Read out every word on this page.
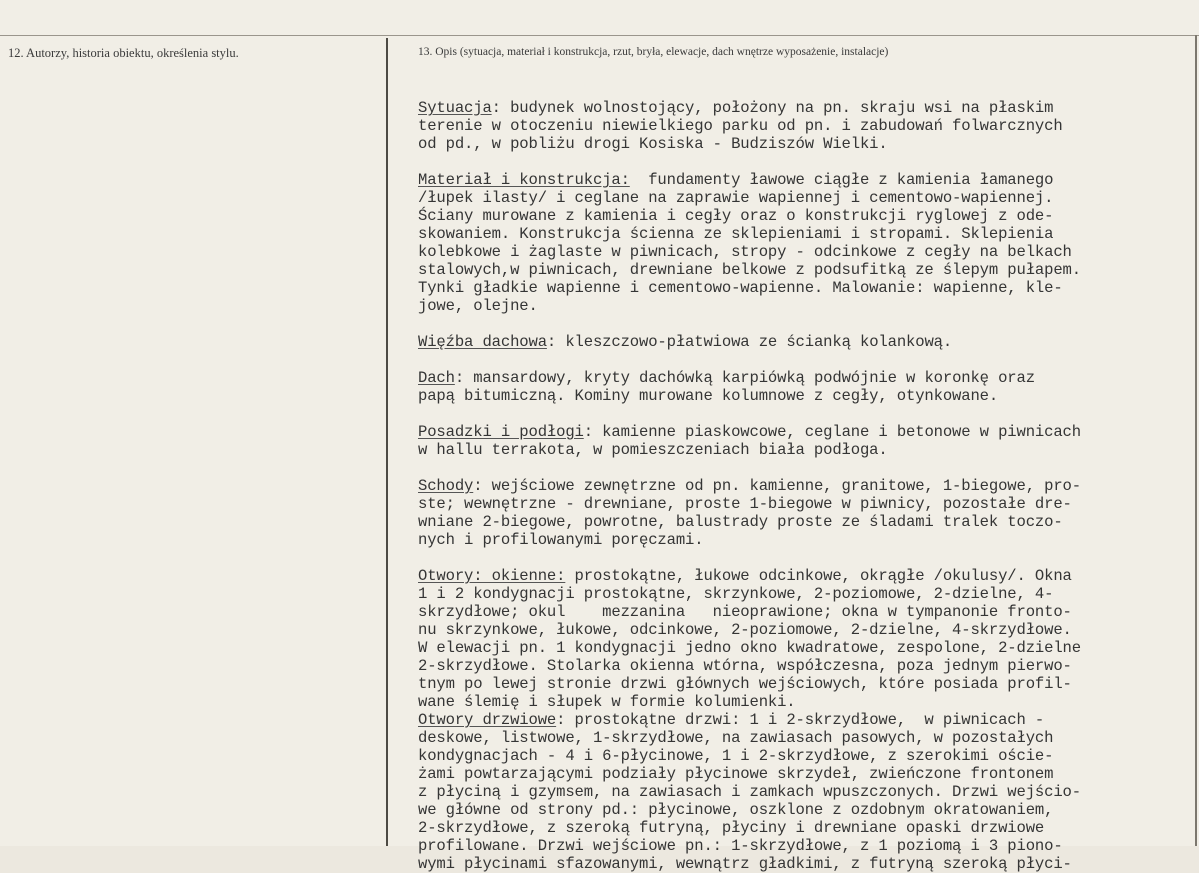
12. Autorzy, historia obiektu, określenia stylu.	13. Opis (sytuacja, materiał i konstrukcja, rzut, bryła, elewacje, dach wnętrze wyposażenie, instalacje)
Sytuacja: budynek wolnostojący, położony na pn. skraju wsi na płaskim
terenie w otoczeniu niewielkiego parku od pn. i zabudowań folwarcznych
od pd., w pobliżu drogi Kosiska - Budziszów Wielki.
Materiał i konstrukcja:  fundamenty ławowe ciągłe z kamienia łamanego
/łupek ilasty/ i ceglane na zaprawie wapiennej i cementowo-wapiennej.
Ściany murowane z kamienia i cegły oraz o konstrukcji ryglowej z ode-
skowaniem. Konstrukcja ścienna ze sklepieniami i stropami. Sklepienia
kolebkowe i żaglaste w piwnicach, stropy - odcinkowe z cegły na belkach
stalowych,w piwnicach, drewniane belkowe z podsufitką ze ślepym pułapem.
Tynki gładkie wapienne i cementowo-wapienne. Malowanie: wapienne, kle-
jowe, olejne.
Więźba dachowa: kleszczowo-płatwiowa ze ścianką kolankową.
Dach: mansardowy, kryty dachówką karpiówką podwójnie w koronkę oraz
papą bitumiczną. Kominy murowane kolumnowe z cegły, otynkowane.
Posadzki i podłogi: kamienne piaskowcowe, ceglane i betonowe w piwnicach
w hallu terrakota, w pomieszczeniach biała podłoga.
Schody: wejściowe zewnętrzne od pn. kamienne, granitowe, 1-biegowe, pro-
ste; wewnętrzne - drewniane, proste 1-biegowe w piwnicy, pozostałe dre-
wniane 2-biegowe, powrotne, balustrady proste ze śladami tralek toczo-
nych i profilowanymi poręczami.
Otwory: okienne: prostokątne, łukowe odcinkowe, okrągłe /okulusy/. Okna
1 i 2 kondygnacji prostokątne, skrzynkowe, 2-poziomowe, 2-dzielne, 4-
skrzydłowe; okul    mezzanina   nieoprawione; okna w tympanonie fronto-
nu skrzynkowe, łukowe, odcinkowe, 2-poziomowe, 2-dzielne, 4-skrzydłowe.
W elewacji pn. 1 kondygnacji jedno okno kwadratowe, zespolone, 2-dzielne
2-skrzydłowe. Stolarka okienna wtórna, współczesna, poza jednym pierwo-
tnym po lewej stronie drzwi głównych wejściowych, które posiada profil-
wane ślemię i słupek w formie kolumienki.
Otwory drzwiowe: prostokątne drzwi: 1 i 2-skrzydłowe,  w piwnicach -
deskowe, listwowe, 1-skrzydłowe, na zawiasach pasowych, w pozostałych
kondygnacjach - 4 i 6-płycinowe, 1 i 2-skrzydłowe, z szerokimi oście-
żami powtarzającymi podziały płycinowe skrzydeł, zwieńczone frontonem
z płyciną i gzymsem, na zawiasach i zamkach wpuszczonych. Drzwi wejścio-
we główne od strony pd.: płycinowe, oszklone z ozdobnym okratowaniem,
2-skrzydłowe, z szeroką futryną, płyciny i drewniane opaski drzwiowe
profilowane. Drzwi wejściowe pn.: 1-skrzydłowe, z 1 poziomą i 3 piono-
wymi płycinami sfazowanymi, wewnątrz gładkimi, z futryną szeroką płyci-
